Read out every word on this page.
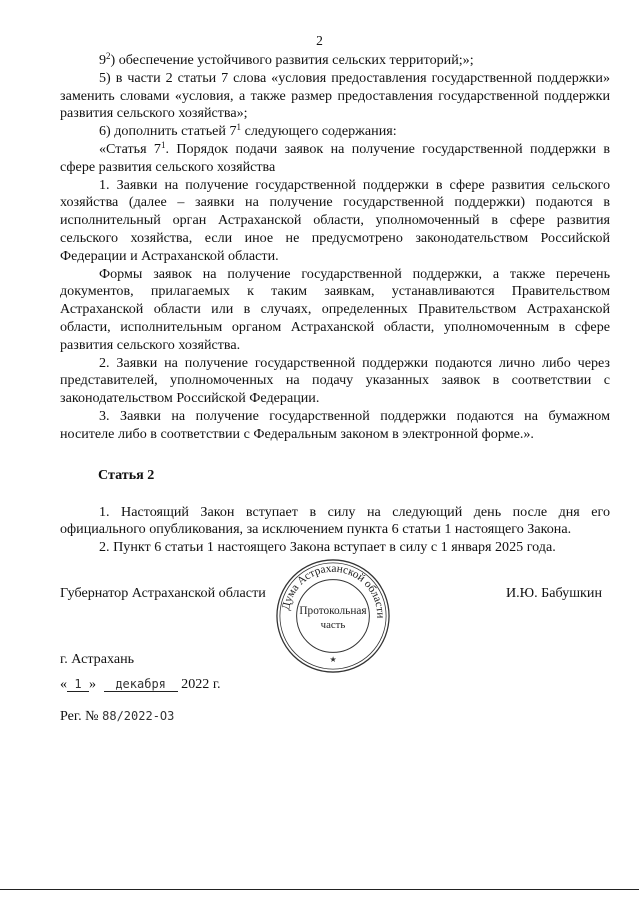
2

$9^2$) обеспечение устойчивого развития сельских территорий;»;

5) в части 2 статьи 7 слова «условия предоставления государственной поддержки» заменить словами «условия, а также размер предоставления государственной поддержки развития сельского хозяйства»;

6) дополнить статьей $7^1$ следующего содержания:

«Статья $7^1$. Порядок подачи заявок на получение государственной поддержки в сфере развития сельского хозяйства

1. Заявки на получение государственной поддержки в сфере развития сельского хозяйства (далее – заявки на получение государственной поддержки) подаются в исполнительный орган Астраханской области, уполномоченный в сфере развития сельского хозяйства, если иное не предусмотрено законодательством Российской Федерации и Астраханской области.

Формы заявок на получение государственной поддержки, а также перечень документов, прилагаемых к таким заявкам, устанавливаются Правительством Астраханской области или в случаях, определенных Правительством Астраханской области, исполнительным органом Астраханской области, уполномоченным в сфере развития сельского хозяйства.

2. Заявки на получение государственной поддержки подаются лично либо через представителей, уполномоченных на подачу указанных заявок в соответствии с законодательством Российской Федерации.

3. Заявки на получение государственной поддержки подаются на бумажном носителе либо в соответствии с Федеральным законом в электронной форме.».

Статья 2

1. Настоящий Закон вступает в силу на следующий день после дня его официального опубликования, за исключением пункта 6 статьи 1 настоящего Закона.

2. Пункт 6 статьи 1 настоящего Закона вступает в силу с 1 января 2025 года.

Губернатор Астраханской области	И.Ю. Бабушкин
Дума Астраханской области
Протокольная
часть
★
г. Астрахань
« 1 » декабря 2022 г.
Рег. № 88/2022-ОЗ
